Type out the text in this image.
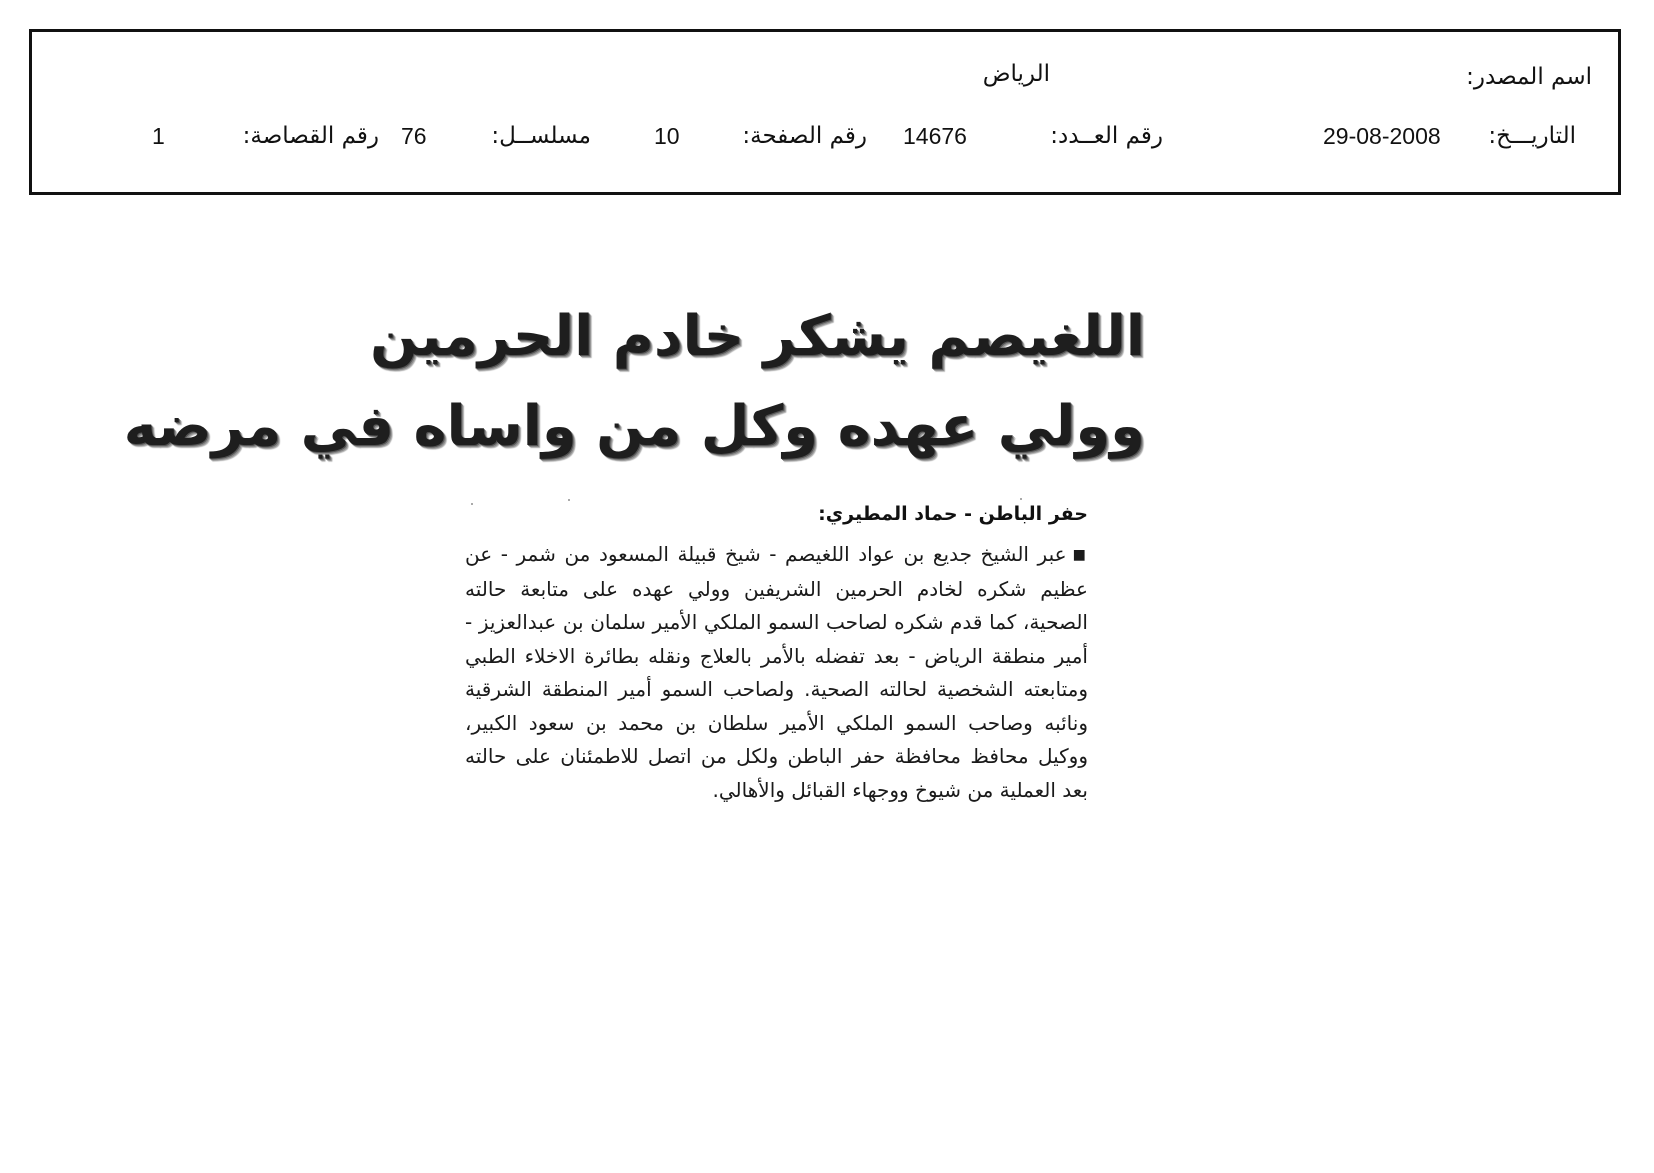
اسم المصدر:
الرياض
التاريـــخ:
29-08-2008
رقم العــدد:
14676
رقم الصفحة:
10
مسلســل:
76
رقم القصاصة:
1
اللغيصم يشكر خادم الحرمين
وولي عهده وكل من واساه في مرضه
حفر الباطن - حماد المطيري:
■عبر الشيخ جديع بن عواد اللغيصم - شيخ قبيلة المسعود من شمر - عن عظيم شكره لخادم الحرمين الشريفين وولي عهده على متابعة حالته الصحية، كما قدم شكره لصاحب السمو الملكي الأمير سلمان بن عبدالعزيز - أمير منطقة الرياض - بعد تفضله بالأمر بالعلاج ونقله بطائرة الاخلاء الطبي ومتابعته الشخصية لحالته الصحية. ولصاحب السمو أمير المنطقة الشرقية ونائبه وصاحب السمو الملكي الأمير سلطان بن محمد بن سعود الكبير، ووكيل محافظ محافظة حفر الباطن ولكل من اتصل للاطمئنان على حالته بعد العملية من شيوخ ووجهاء القبائل والأهالي.
